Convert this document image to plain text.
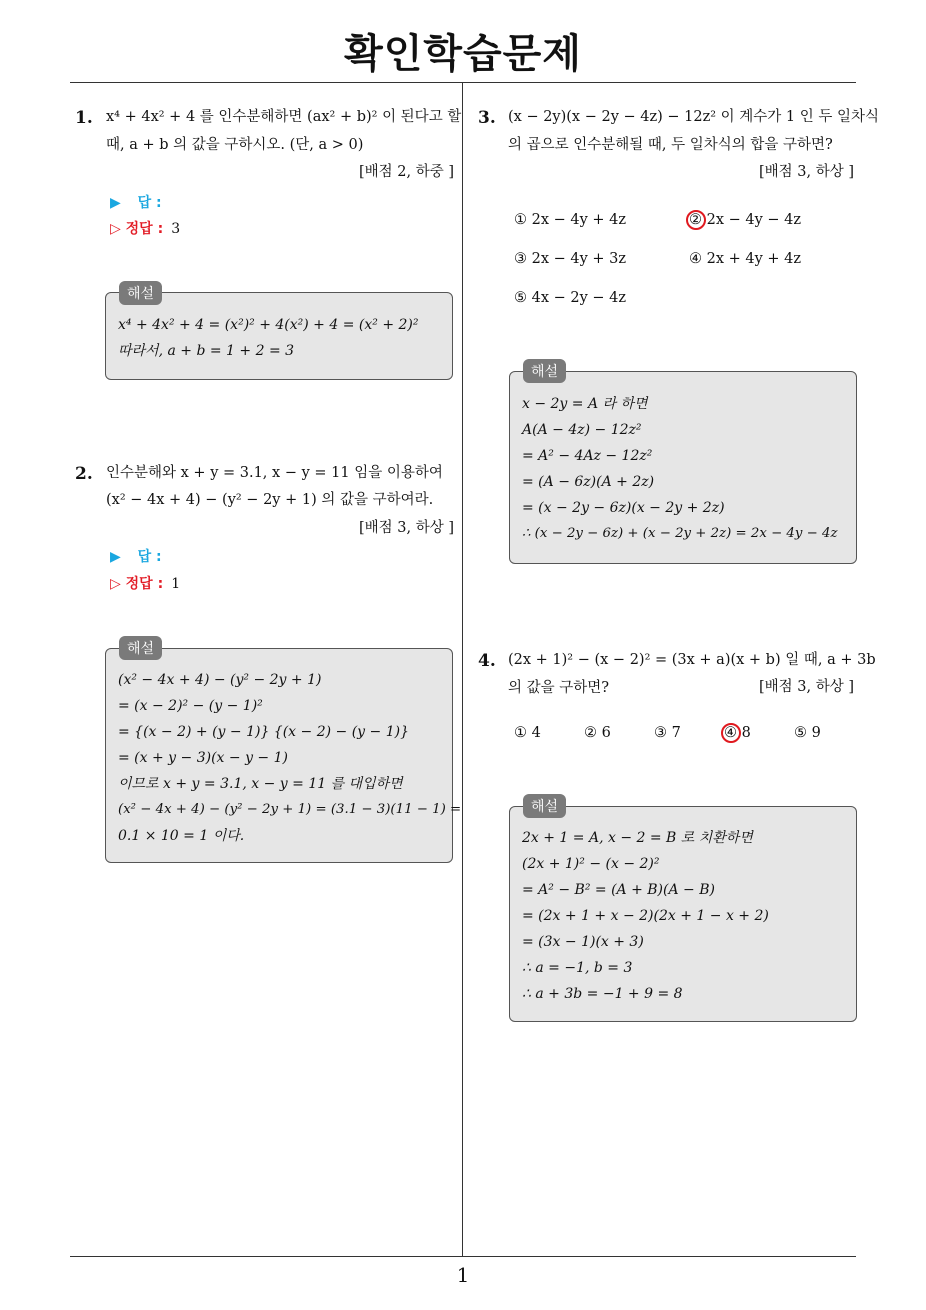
확인학습문제
1. x⁴ + 4x² + 4 를 인수분해하면 (ax² + b)² 이 된다고 할
때, a + b 의 값을 구하시오. (단, a > 0)
[배점 2, 하중 ]
▶ 답 :
▷ 정답 : 3
해설
x⁴ + 4x² + 4 = (x²)² + 4(x²) + 4 = (x² + 2)²
따라서, a + b = 1 + 2 = 3
2. 인수분해와 x + y = 3.1, x − y = 11 임을 이용하여
(x² − 4x + 4) − (y² − 2y + 1) 의 값을 구하여라.
[배점 3, 하상 ]
▶ 답 :
▷ 정답 : 1
해설
(x² − 4x + 4) − (y² − 2y + 1)
= (x − 2)² − (y − 1)²
= {(x − 2) + (y − 1)} {(x − 2) − (y − 1)}
= (x + y − 3)(x − y − 1)
이므로 x + y = 3.1, x − y = 11 를 대입하면
(x² − 4x + 4) − (y² − 2y + 1) = (3.1 − 3)(11 − 1) =
0.1 × 10 = 1 이다.
3. (x − 2y)(x − 2y − 4z) − 12z² 이 계수가 1 인 두 일차식
의 곱으로 인수분해될 때, 두 일차식의 합을 구하면?
[배점 3, 하상 ]
① 2x − 4y + 4z	② 2x − 4y − 4z
③ 2x − 4y + 3z	④ 2x + 4y + 4z
⑤ 4x − 2y − 4z
해설
x − 2y = A 라 하면
A(A − 4z) − 12z²
= A² − 4Az − 12z²
= (A − 6z)(A + 2z)
= (x − 2y − 6z)(x − 2y + 2z)
∴ (x − 2y − 6z) + (x − 2y + 2z) = 2x − 4y − 4z
4. (2x + 1)² − (x − 2)² = (3x + a)(x + b) 일 때, a + 3b
의 값을 구하면?	[배점 3, 하상 ]
① 4	② 6	③ 7	④ 8	⑤ 9
해설
2x + 1 = A, x − 2 = B 로 치환하면
(2x + 1)² − (x − 2)²
= A² − B² = (A + B)(A − B)
= (2x + 1 + x − 2)(2x + 1 − x + 2)
= (3x − 1)(x + 3)
∴ a = −1, b = 3
∴ a + 3b = −1 + 9 = 8
1
